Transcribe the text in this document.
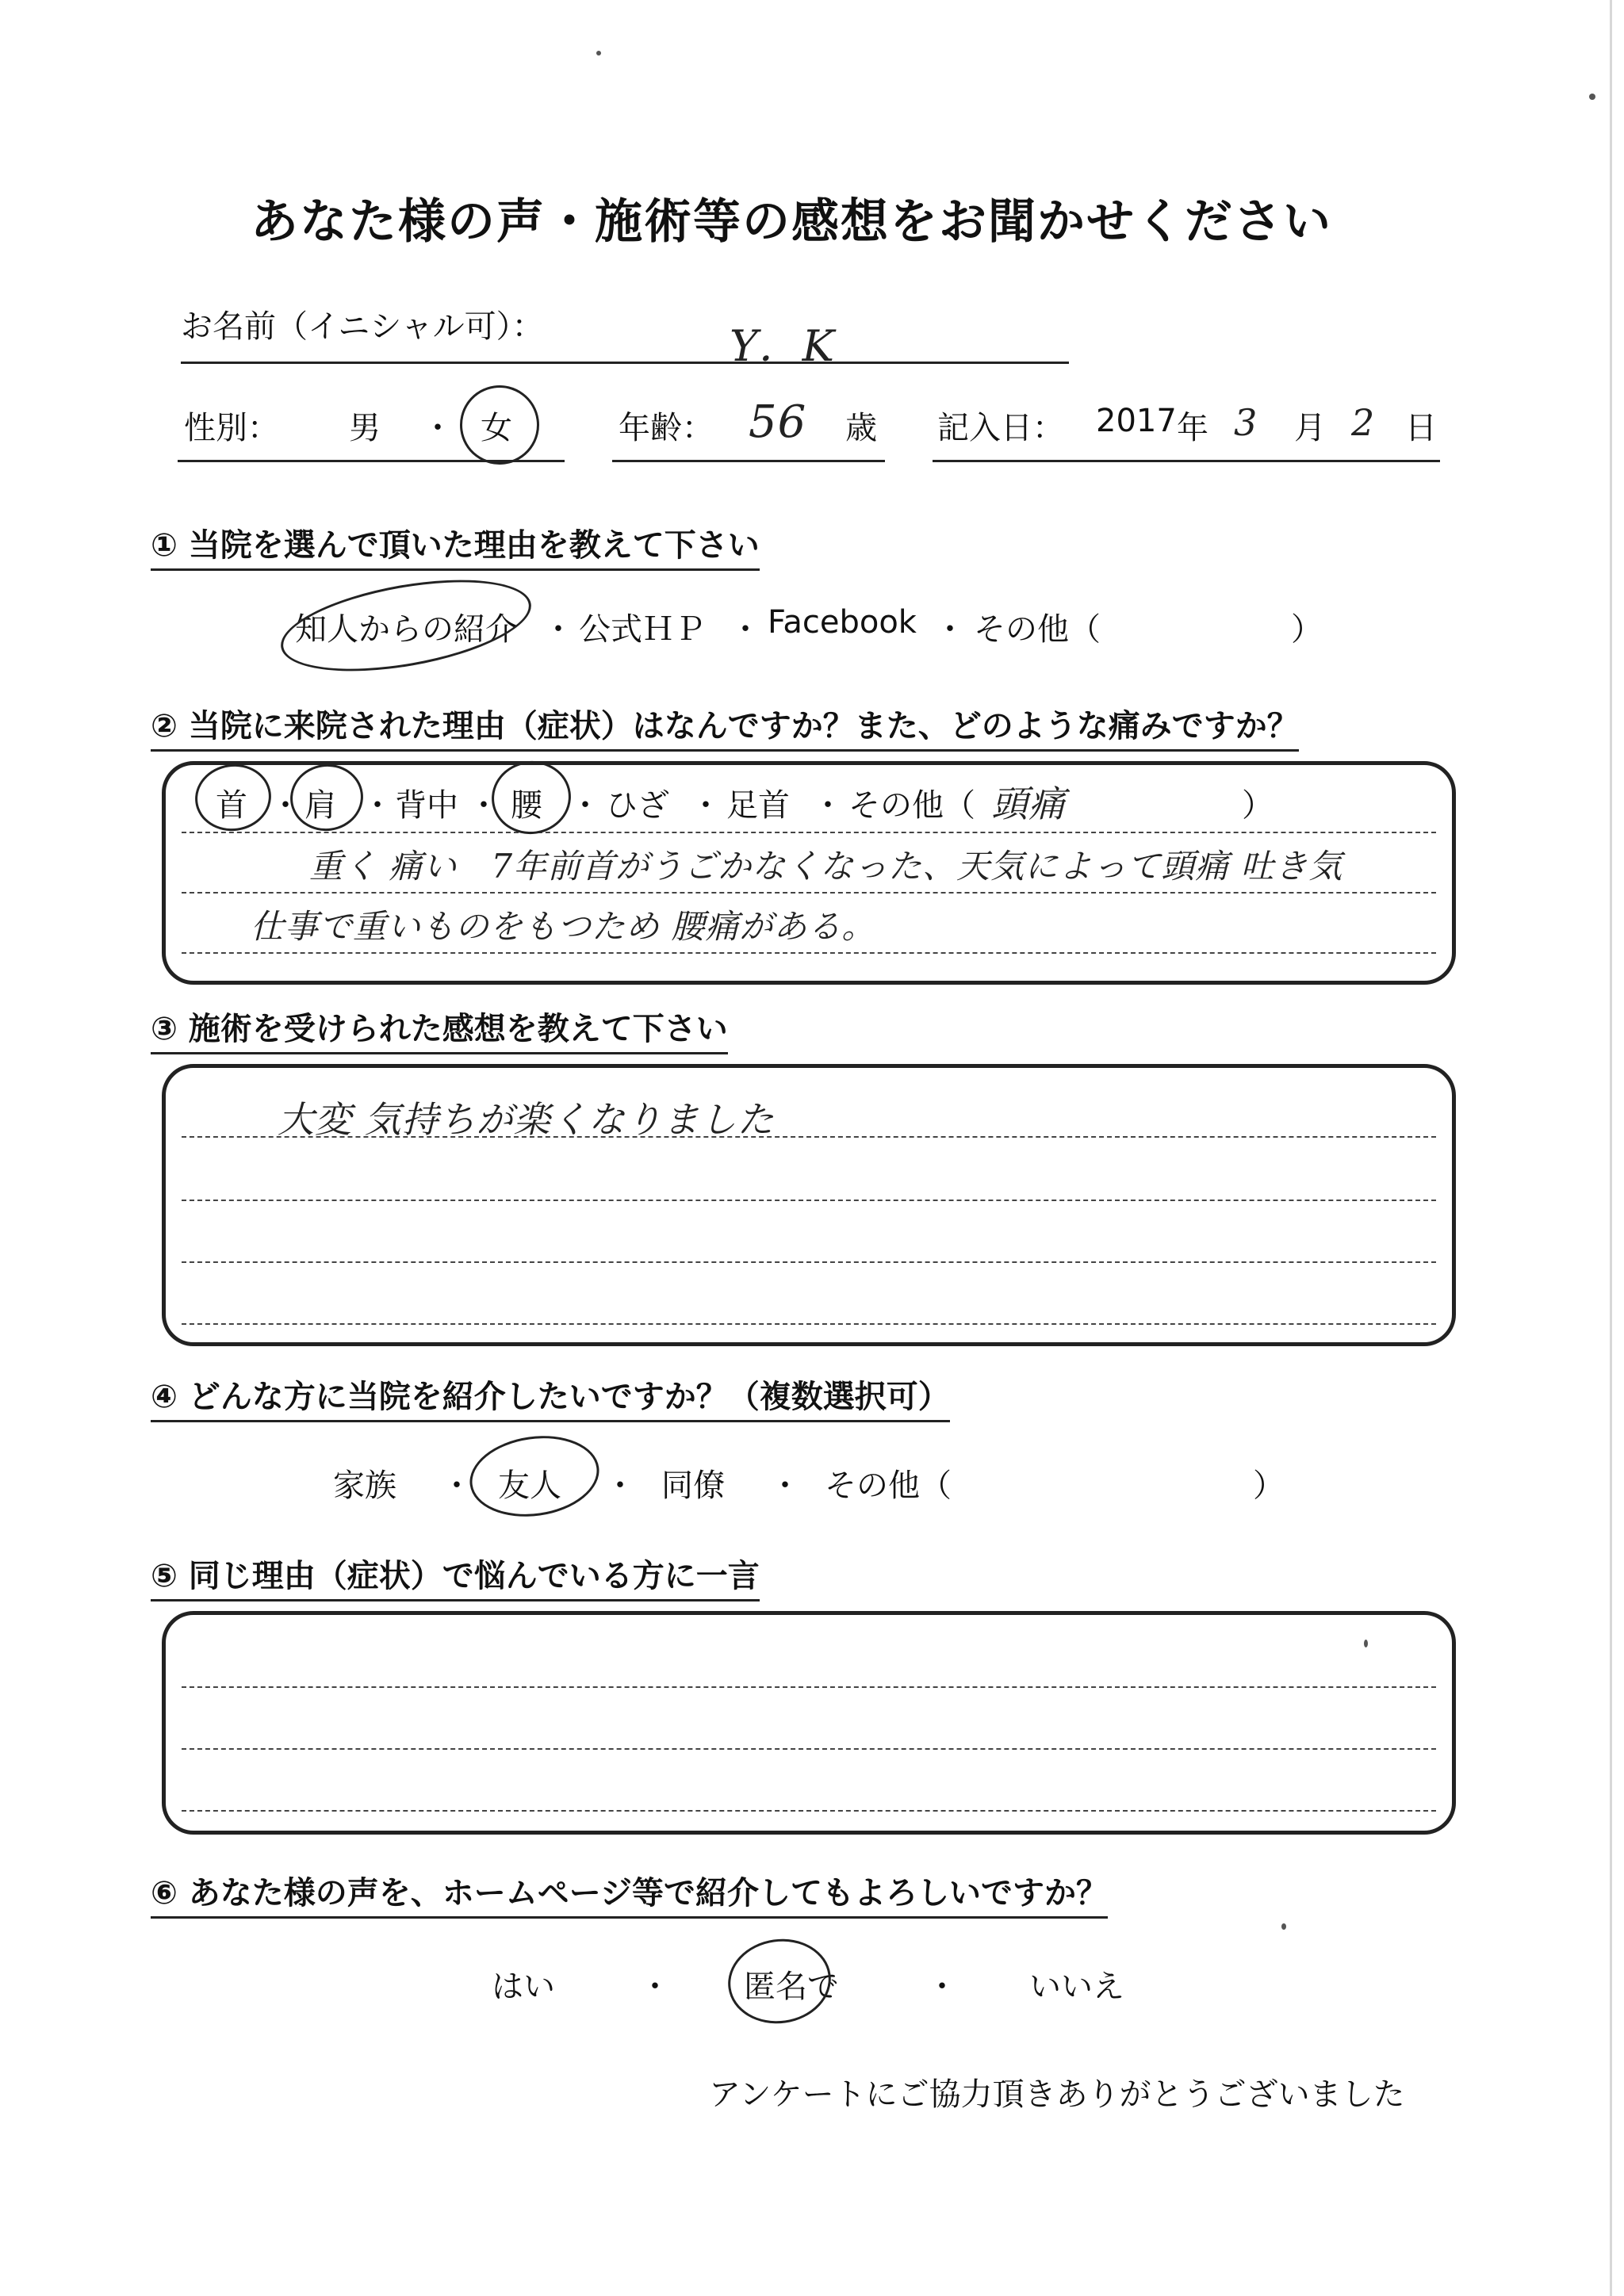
あなた様の声・施術等の感想をお聞かせください
お名前（イニシャル可）：	Y．K
性別： 男 ・ 女	年齢： 56 歳 記入日： 2017 年 3 月 2 日
① 当院を選んで頂いた理由を教えて下さい
知人からの紹介 ・ 公式ＨＰ ・ Facebook ・ その他（	）
② 当院に来院された理由（症状）はなんですか？また、どのような痛みですか？
首 ・ 肩 ・ 背中 ・ 腰 ・ ひざ ・ 足首 ・ その他（ 頭痛	）
重く 痛い　7年前首がうごかなくなった、天気によって頭痛 吐き気
仕事で重いものをもつため 腰痛がある。
③ 施術を受けられた感想を教えて下さい
大変 気持ちが楽くなりました
④ どんな方に当院を紹介したいですか？（複数選択可）
家族 ・ 友人 ・ 同僚 ・ その他（	）
⑤ 同じ理由（症状）で悩んでいる方に一言
⑥ あなた様の声を、ホームページ等で紹介してもよろしいですか？
はい	・ 匿名で	・ いいえ
アンケートにご協力頂きありがとうございました
